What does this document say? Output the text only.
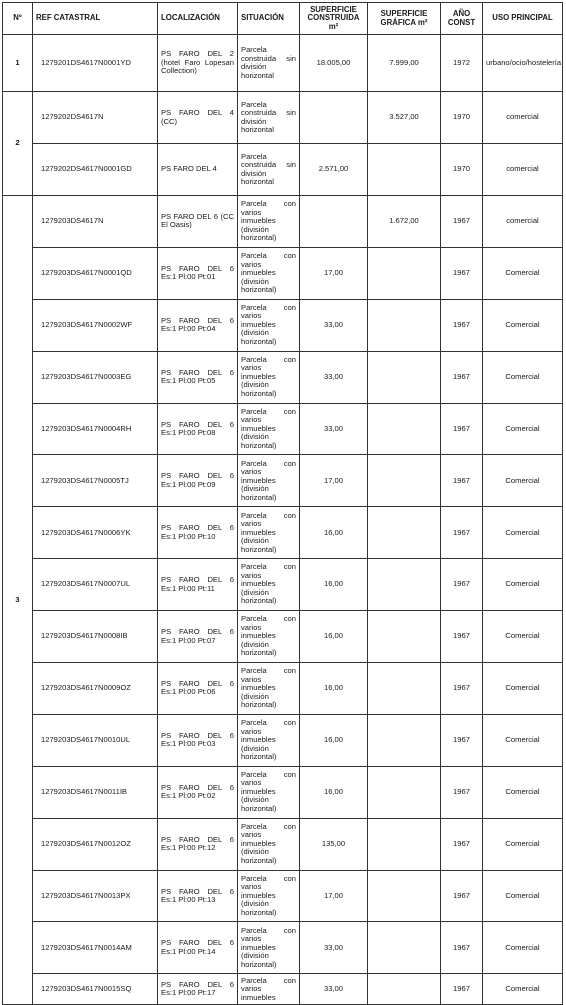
Nº	REF CATASTRAL	LOCALIZACIÓN	SITUACIÓN	SUPERFICIE CONSTRUIDA m²	SUPERFICIE GRÁFICA m²	AÑO CONST	USO PRINCIPAL
1	1279201DS4617N0001YD	PS FARO DEL 2 (hotel Faro Lopesan Collection)	Parcela construida sin división horizontal	18.005,00	7.999,00	1972	urbano/ocio/hostelería
2	1279202DS4617N	PS FARO DEL 4 (CC)	Parcela construida sin división horizontal		3.527,00	1970	comercial
	1279202DS4617N0001GD	PS FARO DEL 4	Parcela construida sin división horizontal	2.571,00		1970	comercial
3	1279203DS4617N	PS FARO DEL 6 (CC El Oasis)	Parcela con varios inmuebles (división horizontal)		1.672,00	1967	comercial
	1279203DS4617N0001QD	PS FARO DEL 6 Es:1 Pl:00 Pt:01	Parcela con varios inmuebles (división horizontal)	17,00		1967	Comercial
	1279203DS4617N0002WF	PS FARO DEL 6 Es:1 Pl:00 Pt:04	Parcela con varios inmuebles (división horizontal)	33,00		1967	Comercial
	1279203DS4617N0003EG	PS FARO DEL 6 Es:1 Pl:00 Pt:05	Parcela con varios inmuebles (división horizontal)	33,00		1967	Comercial
	1279203DS4617N0004RH	PS FARO DEL 6 Es:1 Pl:00 Pt:08	Parcela con varios inmuebles (división horizontal)	33,00		1967	Comercial
	1279203DS4617N0005TJ	PS FARO DEL 6 Es:1 Pl:00 Pt:09	Parcela con varios inmuebles (división horizontal)	17,00		1967	Comercial
	1279203DS4617N0006YK	PS FARO DEL 6 Es:1 Pl:00 Pt:10	Parcela con varios inmuebles (división horizontal)	16,00		1967	Comercial
	1279203DS4617N0007UL	PS FARO DEL 6 Es:1 Pl:00 Pt:11	Parcela con varios inmuebles (división horizontal)	16,00		1967	Comercial
	1279203DS4617N0008IB	PS FARO DEL 6 Es:1 Pl:00 Pt:07	Parcela con varios inmuebles (división horizontal)	16,00		1967	Comercial
	1279203DS4617N0009OZ	PS FARO DEL 6 Es:1 Pl:00 Pt:06	Parcela con varios inmuebles (división horizontal)	16,00		1967	Comercial
	1279203DS4617N0010UL	PS FARO DEL 6 Es:1 Pl:00 Pt:03	Parcela con varios inmuebles (división horizontal)	16,00		1967	Comercial
	1279203DS4617N0011IB	PS FARO DEL 6 Es:1 Pl:00 Pt:02	Parcela con varios inmuebles (división horizontal)	16,00		1967	Comercial
	1279203DS4617N0012OZ	PS FARO DEL 6 Es:1 Pl:00 Pt:12	Parcela con varios inmuebles (división horizontal)	135,00		1967	Comercial
	1279203DS4617N0013PX	PS FARO DEL 6 Es:1 Pl:00 Pt:13	Parcela con varios inmuebles (división horizontal)	17,00		1967	Comercial
	1279203DS4617N0014AM	PS FARO DEL 6 Es:1 Pl:00 Pt:14	Parcela con varios inmuebles (división horizontal)	33,00		1967	Comercial
	1279203DS4617N0015SQ	PS FARO DEL 6 Es:1 Pl:00 Pt:17	Parcela con varios inmuebles	33,00		1967	Comercial
